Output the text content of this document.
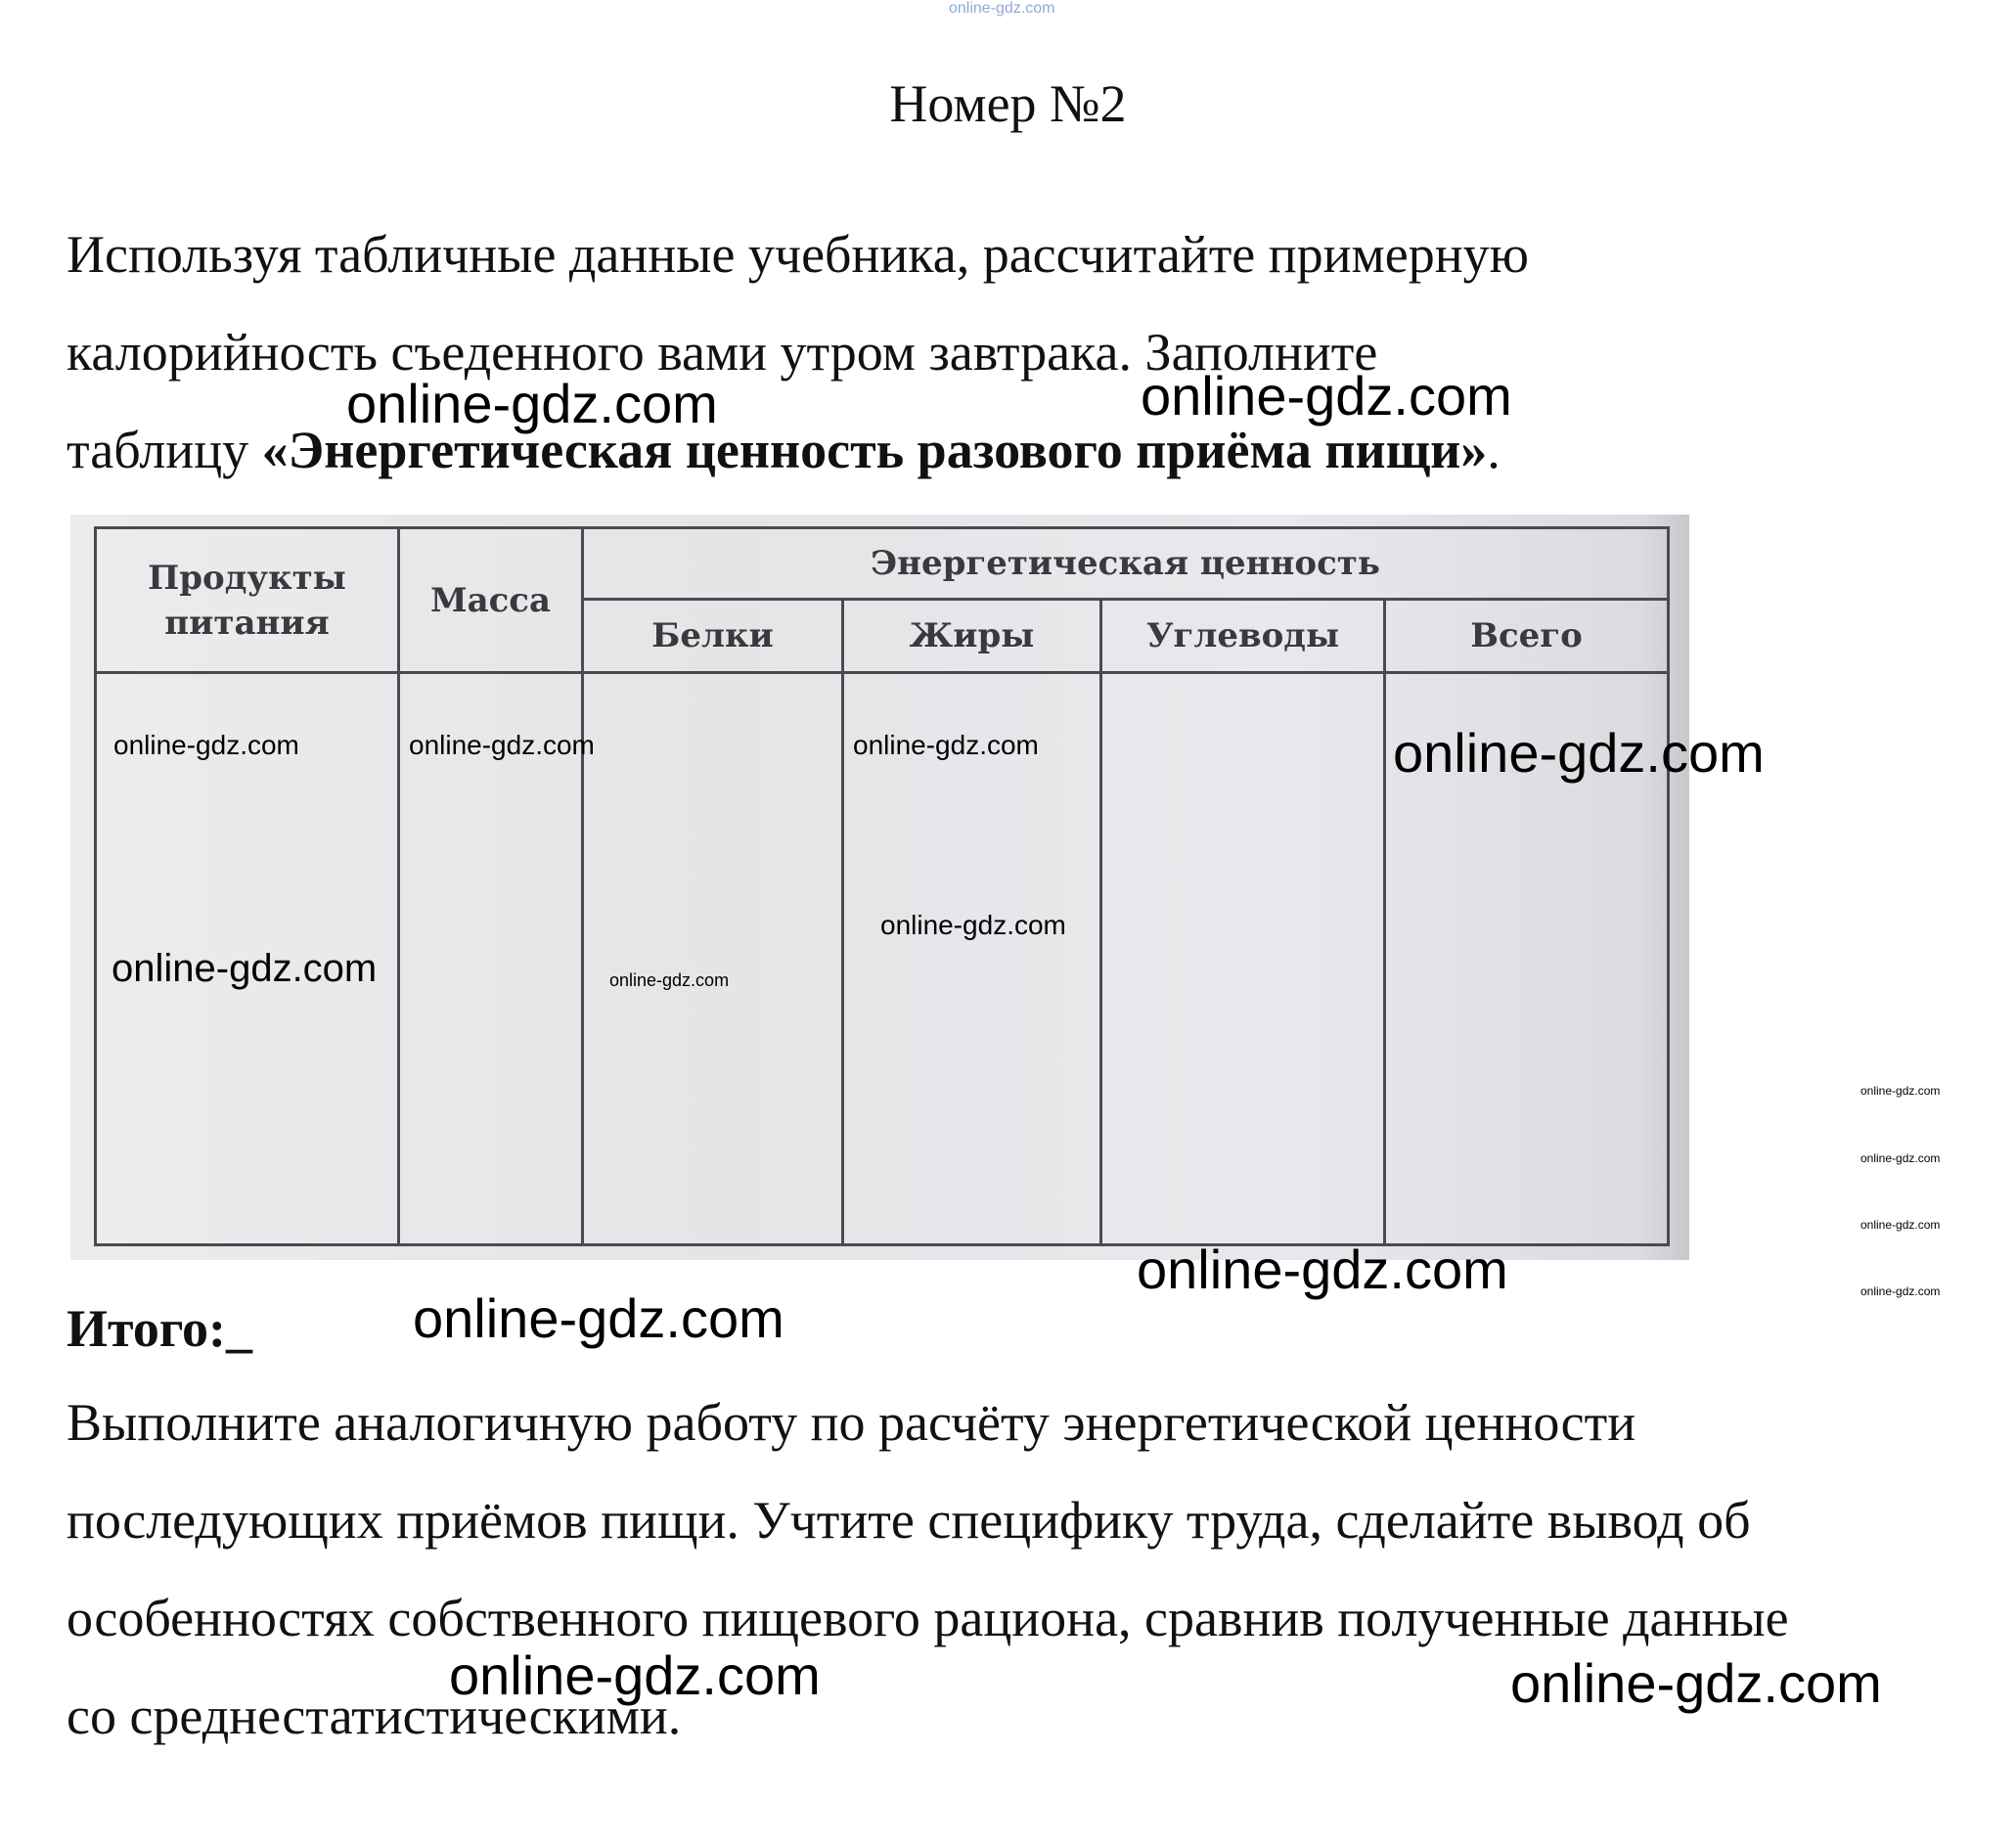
online-gdz.com
Номер №2
Используя табличные данные учебника, рассчитайте примерную
калорийность съеденного вами утром завтрака. Заполните
таблицу «Энергетическая ценность разового приёма пищи».
Продукты
питания	Масса	Энергетическая ценность			
		Белки	Жиры	Углеводы	Всего

Итого:_
Выполните аналогичную работу по расчёту энергетической ценности
последующих приёмов пищи. Учтите специфику труда, сделайте вывод об
особенностях собственного пищевого рациона, сравнив полученные данные
со среднестатистическими.
online-gdz.com	online-gdz.com
online-gdz.com	online-gdz.com	online-gdz.com	online-gdz.com
online-gdz.com
online-gdz.com	online-gdz.com
online-gdz.com
online-gdz.com
online-gdz.com
online-gdz.com
online-gdz.com
online-gdz.com
online-gdz.com	online-gdz.com
